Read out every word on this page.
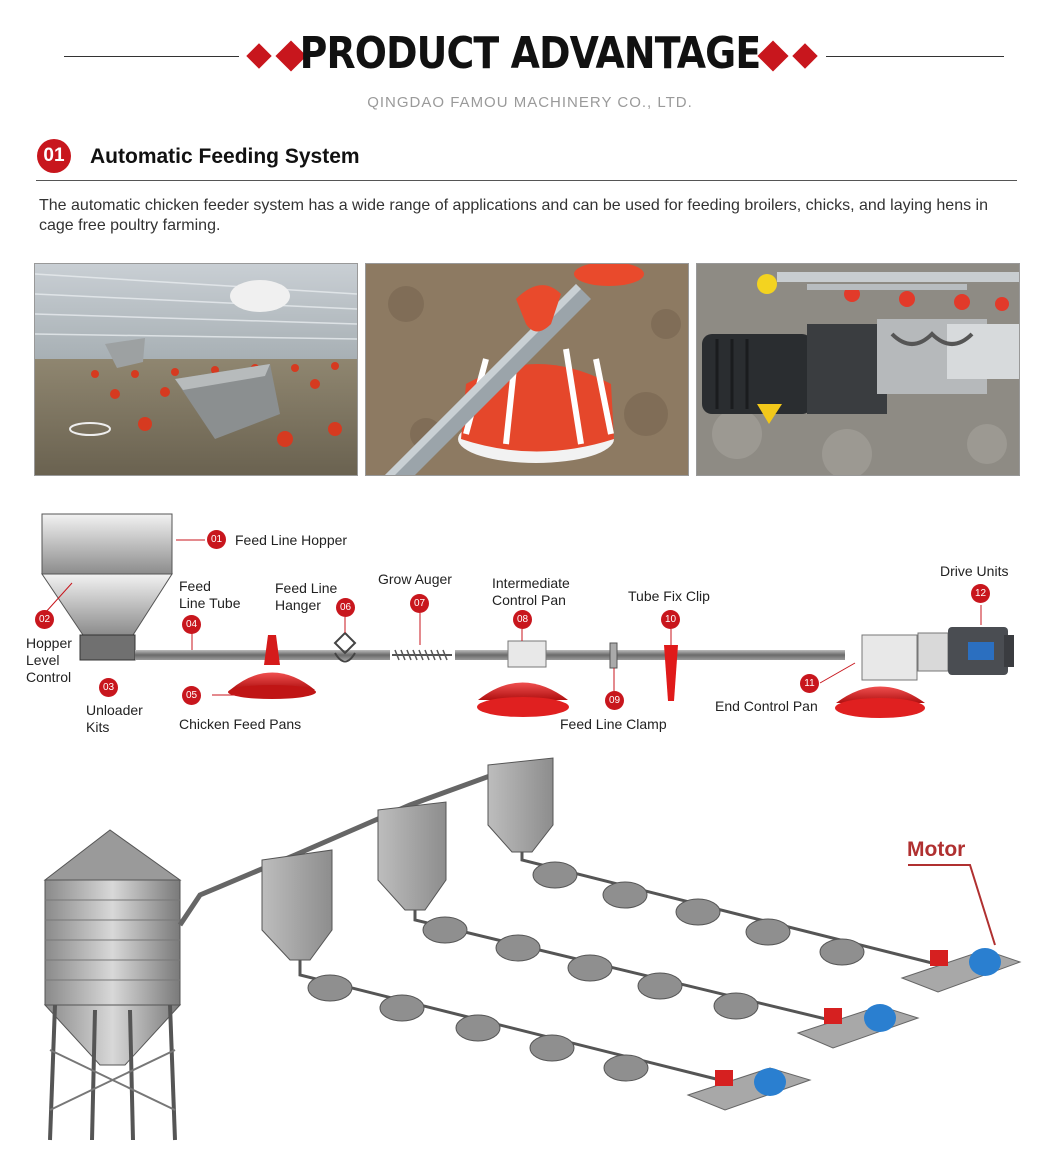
PRODUCT ADVANTAGE
QINGDAO FAMOU MACHINERY CO., LTD.
01	Automatic Feeding System
The automatic chicken feeder system has a wide range of applications and can be used for feeding broilers, chicks, and laying hens in cage free poultry farming.
01
02
03
04
05
06	07
08
09
10
11
12
Feed Line Hopper
Hopper
Level
Control
Unloader
Kits
Feed
Line Tube
Chicken Feed Pans
Feed Line
Hanger
Grow Auger	Intermediate
Control Pan	Tube Fix Clip
Feed Line Clamp
End Control Pan
Drive Units
Motor
